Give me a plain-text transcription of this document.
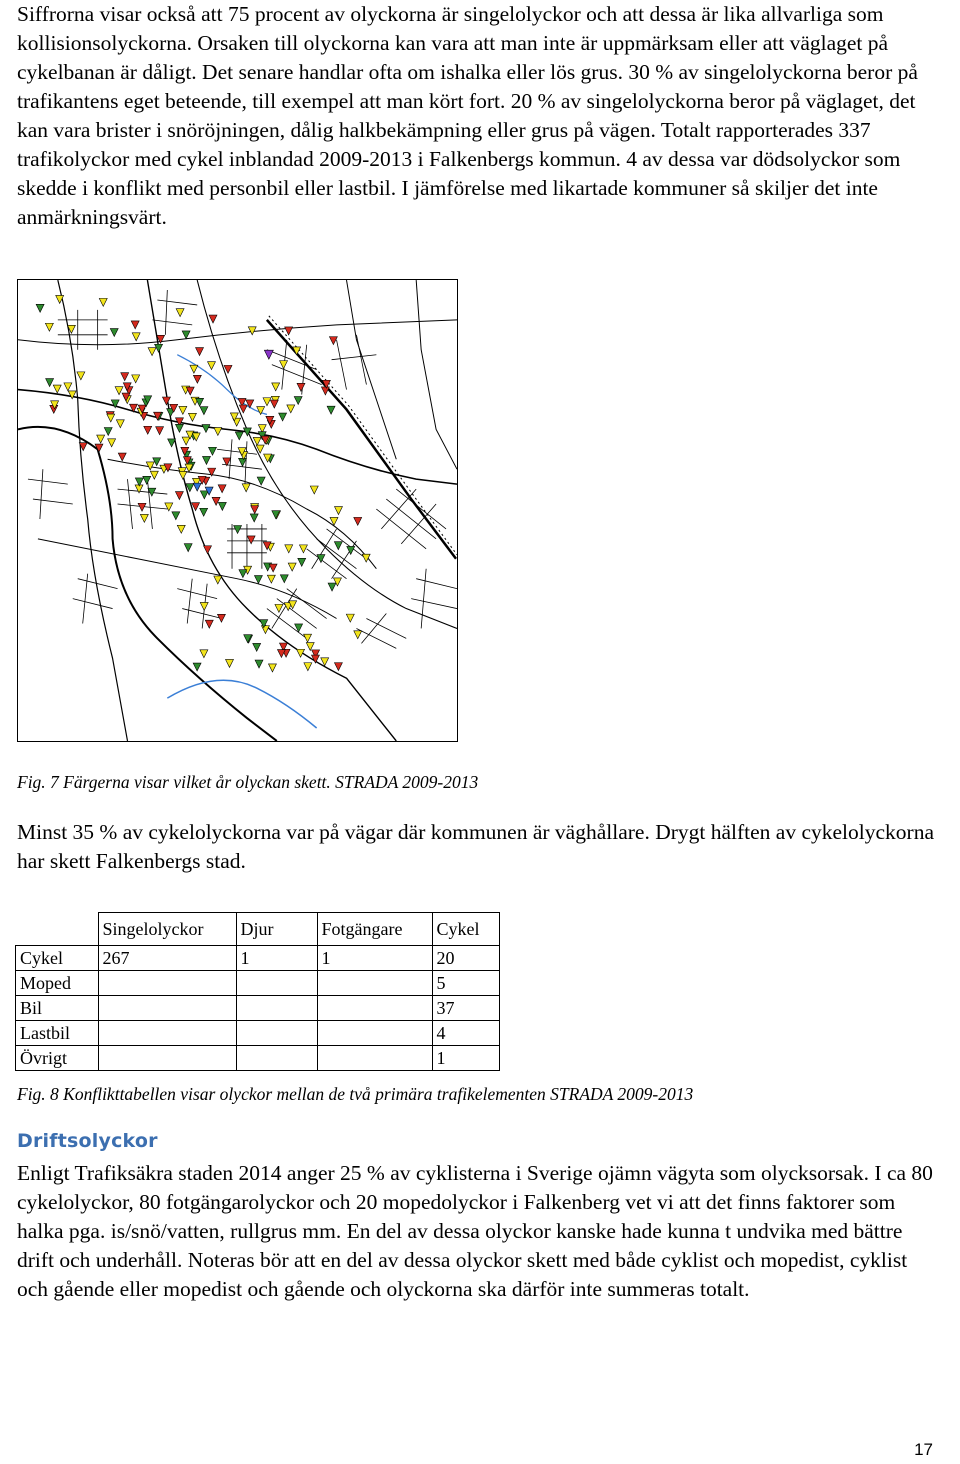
Siffrorna visar också att 75 procent av olyckorna är singelolyckor och att dessa är lika allvarliga som kollisionsolyckorna. Orsaken till olyckorna kan vara att man inte är uppmärksam eller att väglaget på cykelbanan är dåligt. Det senare handlar ofta om ishalka eller lös grus. 30 % av singelolyckorna beror på trafikantens eget beteende, till exempel att man kört fort. 20 % av singelolyckorna beror på väglaget, det kan vara brister i snöröjningen, dålig halkbekämpning eller grus på vägen. Totalt rapporterades 337 trafikolyckor med cykel inblandad 2009-2013 i Falkenbergs kommun. 4 av dessa var dödsolyckor som skedde i konflikt med personbil eller lastbil. I jämförelse med likartade kommuner så skiljer det inte anmärkningsvärt.

Fig. 7 Färgerna visar vilket år olyckan skett. STRADA 2009-2013

Minst 35 % av cykelolyckorna var på vägar där kommunen är väghållare. Drygt hälften av cykelolyckorna har skett Falkenbergs stad.

	Singelolyckor	Djur	Fotgängare	Cykel
Cykel	267	1	1	20
Moped				5
Bil				37
Lastbil				4
Övrigt				1

Fig. 8 Konflikttabellen visar olyckor mellan de två primära trafikelementen STRADA 2009-2013

Driftsolyckor

Enligt Trafiksäkra staden 2014 anger 25 % av cyklisterna i Sverige ojämn vägyta som olycksorsak. I ca 80 cykelolyckor, 80 fotgängarolyckor och 20 mopedolyckor i Falkenberg vet vi att det finns faktorer som halka pga. is/snö/vatten, rullgrus mm. En del av dessa olyckor kanske hade kunna t undvika med bättre drift och underhåll. Noteras bör att en del av dessa olyckor skett med både cyklist och mopedist, cyklist och gående eller mopedist och gående och olyckorna ska därför inte summeras totalt.

17
